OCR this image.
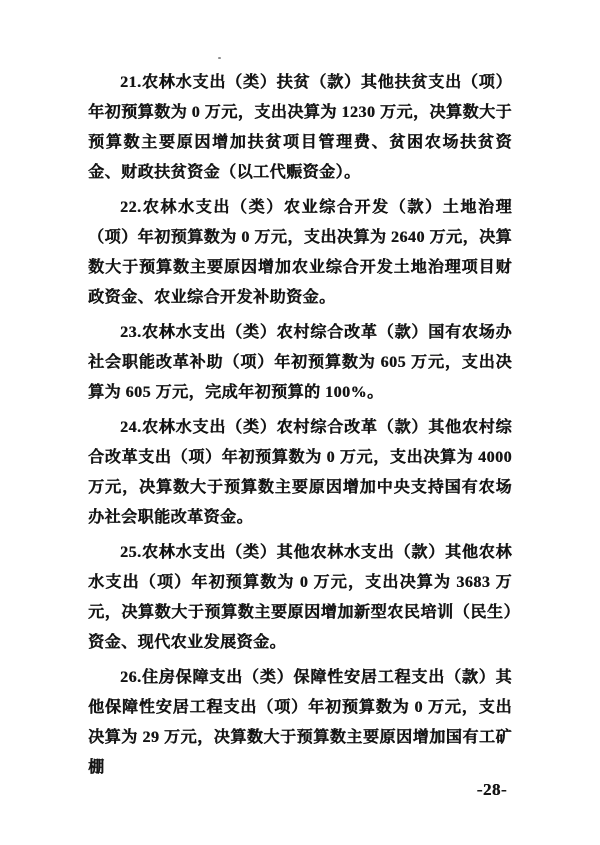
21.农林水支出（类）扶贫（款）其他扶贫支出（项）年初预算数为 0 万元，支出决算为 1230 万元，决算数大于预算数主要原因增加扶贫项目管理费、贫困农场扶贫资金、财政扶贫资金（以工代赈资金）。

22.农林水支出（类）农业综合开发（款）土地治理（项）年初预算数为 0 万元，支出决算为 2640 万元，决算数大于预算数主要原因增加农业综合开发土地治理项目财政资金、农业综合开发补助资金。

23.农林水支出（类）农村综合改革（款）国有农场办社会职能改革补助（项）年初预算数为 605 万元，支出决算为 605 万元，完成年初预算的 100%。

24.农林水支出（类）农村综合改革（款）其他农村综合改革支出（项）年初预算数为 0 万元，支出决算为 4000 万元，决算数大于预算数主要原因增加中央支持国有农场办社会职能改革资金。

25.农林水支出（类）其他农林水支出（款）其他农林水支出（项）年初预算数为 0 万元，支出决算为 3683 万元，决算数大于预算数主要原因增加新型农民培训（民生）资金、现代农业发展资金。

26.住房保障支出（类）保障性安居工程支出（款）其他保障性安居工程支出（项）年初预算数为 0 万元，支出决算为 29 万元，决算数大于预算数主要原因增加国有工矿棚

-28-
